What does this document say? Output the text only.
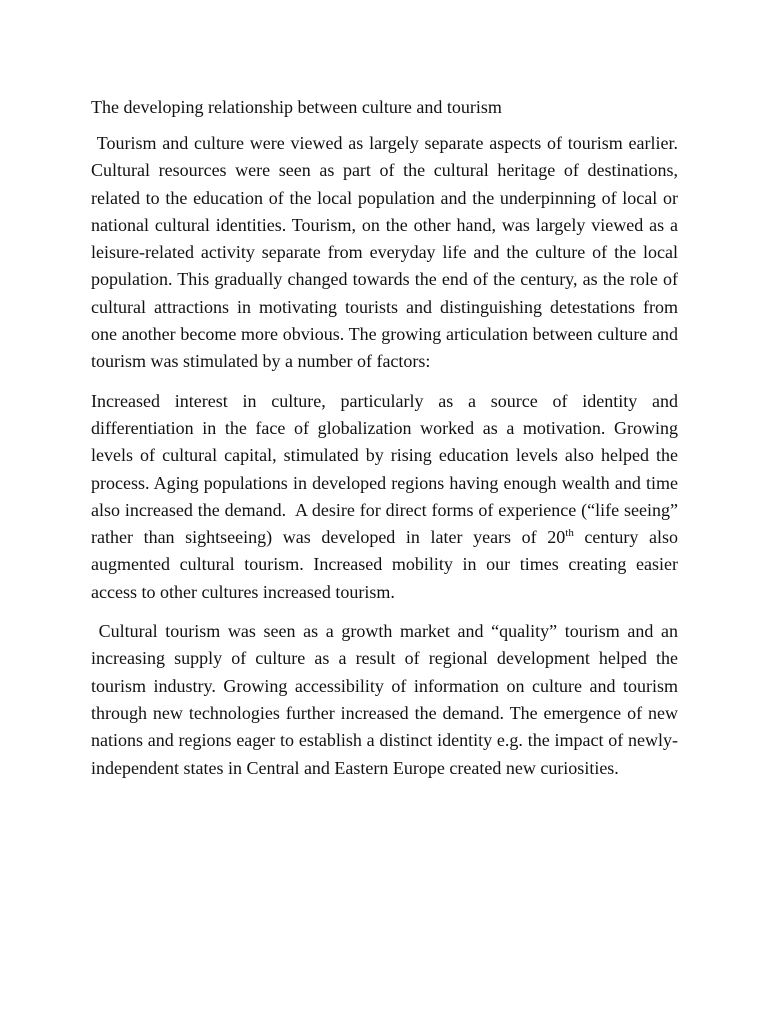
The developing relationship between culture and tourism

Tourism and culture were viewed as largely separate aspects of tourism earlier. Cultural resources were seen as part of the cultural heritage of destinations, related to the education of the local population and the underpinning of local or national cultural identities. Tourism, on the other hand, was largely viewed as a leisure-related activity separate from everyday life and the culture of the local population. This gradually changed towards the end of the century, as the role of cultural attractions in motivating tourists and distinguishing detestations from one another become more obvious. The growing articulation between culture and tourism was stimulated by a number of factors:

Increased interest in culture, particularly as a source of identity and differentiation in the face of globalization worked as a motivation. Growing levels of cultural capital, stimulated by rising education levels also helped the process. Aging populations in developed regions having enough wealth and time also increased the demand.  A desire for direct forms of experience (“life seeing” rather than sightseeing) was developed in later years of 20th century also augmented cultural tourism. Increased mobility in our times creating easier access to other cultures increased tourism.

Cultural tourism was seen as a growth market and “quality” tourism and an increasing supply of culture as a result of regional development helped the tourism industry. Growing accessibility of information on culture and tourism through new technologies further increased the demand. The emergence of new nations and regions eager to establish a distinct identity e.g. the impact of newly-independent states in Central and Eastern Europe created new curiosities.
